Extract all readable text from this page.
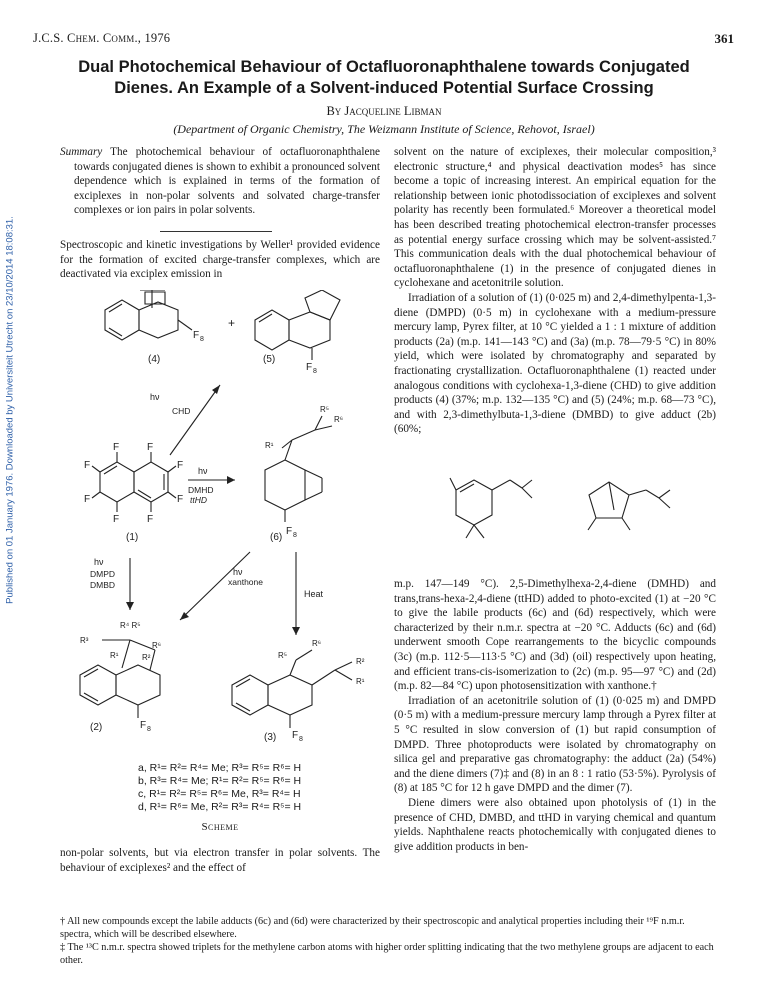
J.C.S. Chem. Comm., 1976	361
Dual Photochemical Behaviour of Octafluoronaphthalene towards Conjugated
Dienes. An Example of a Solvent-induced Potential Surface Crossing
By Jacqueline Libman
(Department of Organic Chemistry, The Weizmann Institute of Science, Rehovot, Israel)
Published on 01 January 1976. Downloaded by Universiteit Utrecht on 23/10/2014 18:08:31.

Summary The photochemical behaviour of octafluoronaphthalene towards conjugated dienes is shown to exhibit a pronounced solvent dependence which is explained in terms of the formation of exciplexes in non-polar solvents and solvated charge-transfer complexes or ion pairs in polar solvents.

Spectroscopic and kinetic investigations by Weller¹ provided evidence for the formation of excited charge-transfer complexes, which are deactivated via exciplex emission in

F 8
(4)
+
F 8
(5)
hν
CHD
F	F
F
F
F	F
F
F
(1)
hν
DMHD
ttHD
R⁵
R⁶
R¹
F 8
(6)
hν
DMPD
DMBD
hν
xanthone
Heat
R⁴ R⁵
R³
R¹
R⁶
R²
F 8
(2)
R⁵
R⁶
R²
R¹
F 8
(3)
a, R¹= R²= R⁴= Me; R³= R⁵= R⁶= H
b, R³= R⁴= Me; R¹= R²= R⁵= R⁶= H
c, R¹= R²= R⁵= R⁶= Me, R³= R⁴= H
d, R¹= R⁶= Me, R²= R³= R⁴= R⁵= H
Scheme

non-polar solvents, but via electron transfer in polar solvents. The behaviour of exciplexes² and the effect of

solvent on the nature of exciplexes, their molecular composition,³ electronic structure,⁴ and physical deactivation modes⁵ has since become a topic of increasing interest. An empirical equation for the relationship between ionic photodissociation of exciplexes and solvent polarity has recently been formulated.⁶ Moreover a theoretical model has been described treating photochemical electron-transfer processes as potential energy surface crossing which may be solvent-assisted.⁷ This communication deals with the dual photochemical behaviour of octafluoronaphthalene (1) in the presence of conjugated dienes in cyclohexane and acetonitrile solution.

Irradiation of a solution of (1) (0·025 m) and 2,4-dimethylpenta-1,3-diene (DMPD) (0·5 m) in cyclohexane with a medium-pressure mercury lamp, Pyrex filter, at 10 °C yielded a 1 : 1 mixture of addition products (2a) (m.p. 141—143 °C) and (3a) (m.p. 78—79·5 °C) in 80% yield, which were isolated by chromatography and separated by fractionating crystallization. Octafluoronaphthalene (1) reacted under analogous conditions with cyclohexa-1,3-diene (CHD) to give addition products (4) (37%; m.p. 132—135 °C) and (5) (24%; m.p. 68—73 °C), and with 2,3-dimethylbuta-1,3-diene (DMBD) to give adduct (2b) (60%;

(7)	(8)

m.p. 147—149 °C). 2,5-Dimethylhexa-2,4-diene (DMHD) and trans,trans-hexa-2,4-diene (ttHD) added to photo-excited (1) at −20 °C to give the labile products (6c) and (6d) respectively, which were characterized by their n.m.r. spectra at −20 °C. Adducts (6c) and (6d) underwent smooth Cope rearrangements to the bicyclic compounds (3c) (m.p. 112·5—113·5 °C) and (3d) (oil) respectively upon heating, and efficient trans-cis-isomerization to (2c) (m.p. 95—97 °C) and (2d) (m.p. 82—84 °C) upon photosensitization with xanthone.†

Irradiation of an acetonitrile solution of (1) (0·025 m) and DMPD (0·5 m) with a medium-pressure mercury lamp through a Pyrex filter at 5 °C resulted in slow conversion of (1) but rapid consumption of DMPD. Three photoproducts were isolated by chromatography on silica gel and preparative gas chromatography: the adduct (2a) (54%) and the diene dimers (7)‡ and (8) in an 8 : 1 ratio (53·5%). Pyrolysis of (8) at 185 °C for 12 h gave DMPD and the dimer (7).

Diene dimers were also obtained upon photolysis of (1) in the presence of CHD, DMBD, and ttHD in varying chemical and quantum yields. Naphthalene reacts photochemically with conjugated dienes to give addition products in ben-

† All new compounds except the labile adducts (6c) and (6d) were characterized by their spectroscopic and analytical properties including their ¹⁹F n.m.r. spectra, which will be described elsewhere.

‡ The ¹³C n.m.r. spectra showed triplets for the methylene carbon atoms with higher order splitting indicating that the two methylene groups are adjacent to each other.
